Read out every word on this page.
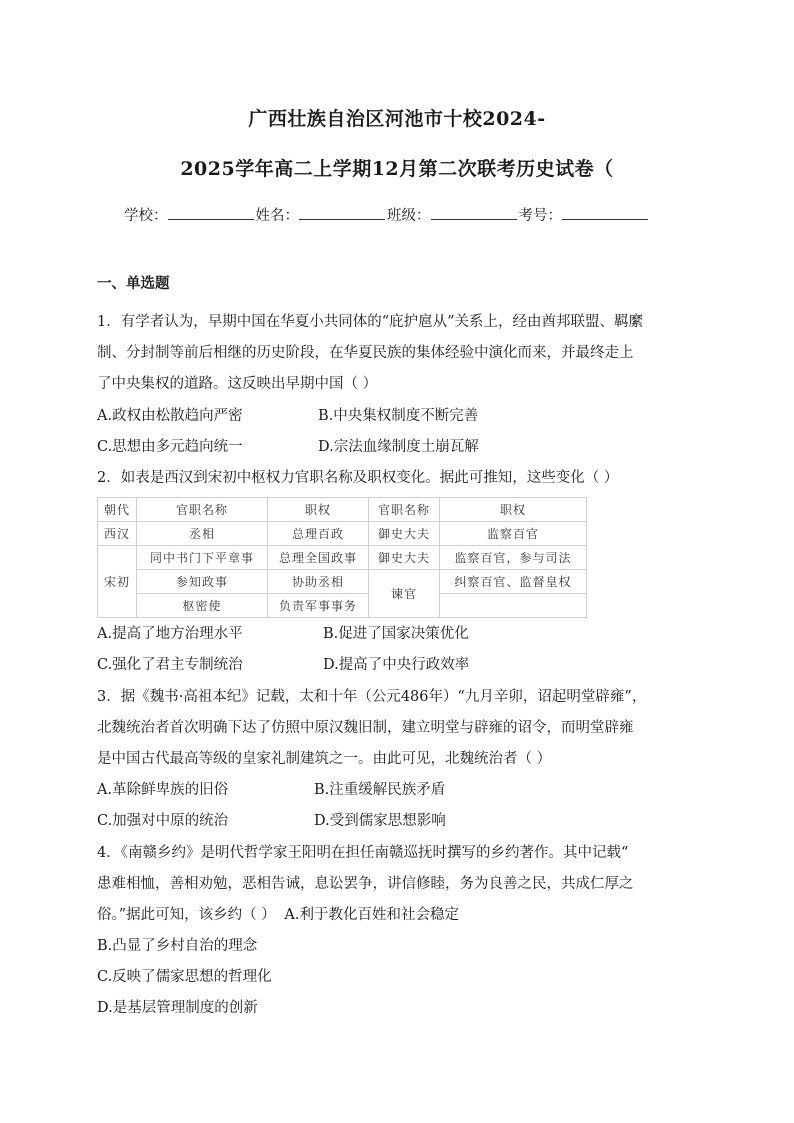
广西壮族自治区河池市十校2024-
2025学年高二上学期12月第二次联考历史试卷（
学校：	姓名：	班级：	考号：
一、单选题
1．有学者认为，早期中国在华夏小共同体的“庇护扈从”关系上，经由酋邦联盟、羁縻
制、分封制等前后相继的历史阶段，在华夏民族的集体经验中演化而来，并最终走上
了中央集权的道路。这反映出早期中国（ ）
A.政权由松散趋向严密	B.中央集权制度不断完善
C.思想由多元趋向统一	D.宗法血缘制度土崩瓦解
2．如表是西汉到宋初中枢权力官职名称及职权变化。据此可推知，这些变化（ ）
朝代	官职名称	职权	官职名称	职权
西汉	丞相	总理百政	御史大夫	监察百官
宋初	同中书门下平章事	总理全国政事	御史大夫	监察百官，参与司法
	参知政事	协助丞相	谏官	纠察百官、监督皇权
	枢密使	负责军事事务		
A.提高了地方治理水平	B.促进了国家决策优化
C.强化了君主专制统治	D.提高了中央行政效率
3．据《魏书·高祖本纪》记载，太和十年（公元486年）“九月辛卯，诏起明堂辟雍”，
北魏统治者首次明确下达了仿照中原汉魏旧制，建立明堂与辟雍的诏令，而明堂辟雍
是中国古代最高等级的皇家礼制建筑之一。由此可见，北魏统治者（ ）
A.革除鲜卑族的旧俗	B.注重缓解民族矛盾
C.加强对中原的统治	D.受到儒家思想影响
4．《南赣乡约》是明代哲学家王阳明在担任南赣巡抚时撰写的乡约著作。其中记载“
患难相恤，善相劝勉，恶相告诫，息讼罢争，讲信修睦，务为良善之民，共成仁厚之
俗。”据此可知，该乡约（ ） A.利于教化百姓和社会稳定
B.凸显了乡村自治的理念
C.反映了儒家思想的哲理化
D.是基层管理制度的创新
